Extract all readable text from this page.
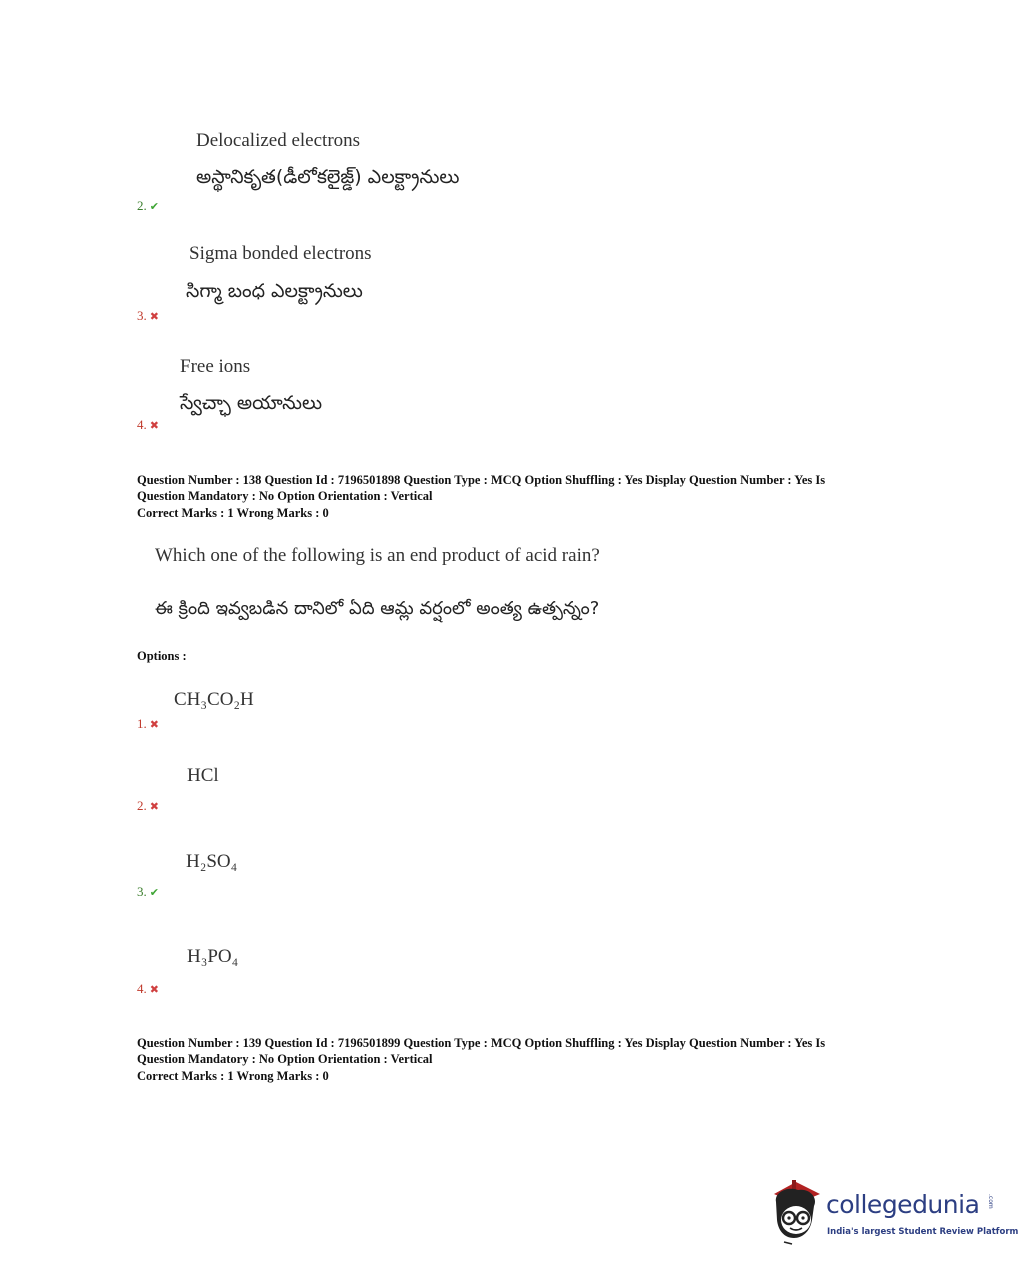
Delocalized electrons
అస్థానికృత(డీలోకలైజ్డ్) ఎలక్ట్రానులు
2. ✔
Sigma bonded electrons
సిగ్మా బంధ ఎలక్ట్రానులు
3. ✖
Free ions
స్వేచ్ఛా అయానులు
4. ✖
Question Number : 138 Question Id : 7196501898 Question Type : MCQ Option Shuffling : Yes Display Question Number : Yes Is
Question Mandatory : No Option Orientation : Vertical
Correct Marks : 1 Wrong Marks : 0
Which one of the following is an end product of acid rain?
ఈ క్రింది ఇవ్వబడిన దానిలో ఏది ఆమ్ల వర్షంలో అంత్య ఉత్పన్నం?
Options :
CH₃CO₂H
1. ✖
HCl
2. ✖
H₂SO₄
3. ✔
H₃PO₄
4. ✖
Question Number : 139 Question Id : 7196501899 Question Type : MCQ Option Shuffling : Yes Display Question Number : Yes Is
Question Mandatory : No Option Orientation : Vertical
Correct Marks : 1 Wrong Marks : 0
collegedunia .com
India's largest Student Review Platform
